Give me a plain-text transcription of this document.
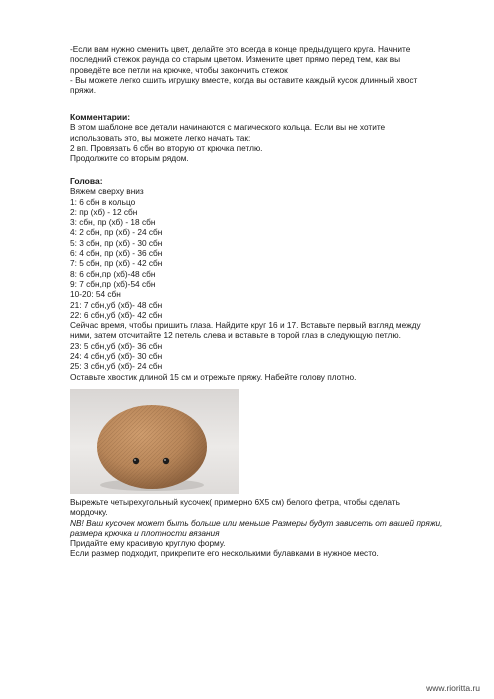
-Если вам нужно сменить цвет, делайте это всегда в конце предыдущего круга. Начните
последний стежок раунда со старым цветом. Измените цвет прямо перед тем, как вы
проведёте все петли на крючке, чтобы закончить стежок
- Вы можете легко сшить игрушку вместе, когда вы оставите каждый кусок длинный хвост
пряжи.
Комментарии:
В этом шаблоне все детали начинаются с магического кольца. Если вы не хотите
использовать это, вы можете легко начать так:
2 вп. Провязать 6 сбн во вторую от крючка петлю.
Продолжите со вторым рядом.
Голова:
Вяжем сверху вниз
1: 6 сбн в кольцо
2: пр (хб) - 12 сбн
3: сбн, пр (хб) - 18 сбн
4: 2 сбн, пр (хб) - 24 сбн
5: 3 сбн, пр (хб) - 30 сбн
6: 4 сбн, пр (хб) - 36 сбн
7: 5 сбн, пр (хб) - 42 сбн
8: 6 сбн,пр (хб)-48 сбн
9: 7 сбн,пр (хб)-54 сбн
10-20: 54 сбн
21: 7 сбн,уб (хб)- 48 сбн
22: 6 сбн,уб (хб)- 42 сбн
Сейчас время, чтобы пришить глаза. Найдите круг 16 и 17. Вставьте первый взгляд между
ними, затем отсчитайте 12 петель слева и вставьте в торой глаз в следующую петлю.
23: 5 сбн,уб (хб)- 36 сбн
24: 4 сбн,уб (хб)- 30 сбн
25: 3 сбн,уб (хб)- 24 сбн
Оставьте хвостик длиной 15 см и отрежьте пряжу. Набейте голову плотно.
Вырежьте четырехугольный кусочек( примерно 6X5 см) белого фетра, чтобы сделать
мордочку.
NB! Ваш кусочек может быть больше или меньше Размеры будут зависеть от вашей пряжи,
размера крючка и плотности вязания
Придайте ему красивую круглую форму.
Если размер подходит, прикрепите его несколькими булавками в нужное место.
www.rioritta.ru
